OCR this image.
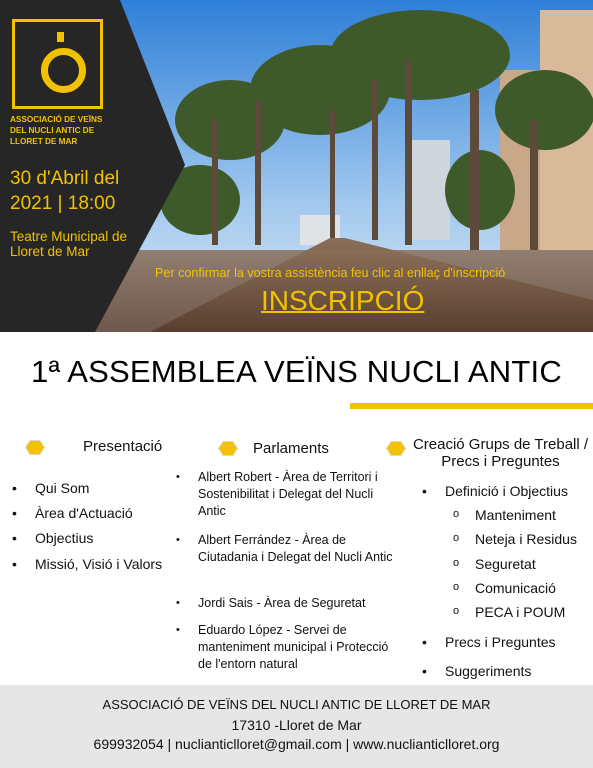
ASSOCIACIÓ DE VEÏNS DEL NUCLI ANTIC DE LLORET DE MAR
30 d'Abril del
2021 | 18:00
Teatre Municipal de Lloret de Mar
Per confirmar la vostra assistència feu clic al enllaç d'inscripció
INSCRIPCIÓ
1ª ASSEMBLEA VEÏNS NUCLI ANTIC
Presentació
• Qui Som
• Àrea d'Actuació
• Objectius
• Missió, Visió i Valors
Parlaments
• Albert Robert - Àrea de Territori i Sostenibilitat i Delegat del Nucli Antic
• Albert Ferrández - Àrea de Ciutadania i Delegat del Nucli Antic
• Jordi Sais - Àrea de Seguretat
• Eduardo López - Servei de manteniment municipal i Protecció de l'entorn natural
Creació Grups de Treball / Precs i Preguntes
• Definició i Objectius
o Manteniment
o Neteja i Residus
o Seguretat
o Comunicació
o PECA i POUM
• Precs i Preguntes
• Suggeriments
ASSOCIACIÓ DE VEÏNS DEL NUCLI ANTIC DE LLORET DE MAR
17310 -Lloret de Mar
699932054 | nuclianticlloret@gmail.com | www.nuclianticlloret.org
